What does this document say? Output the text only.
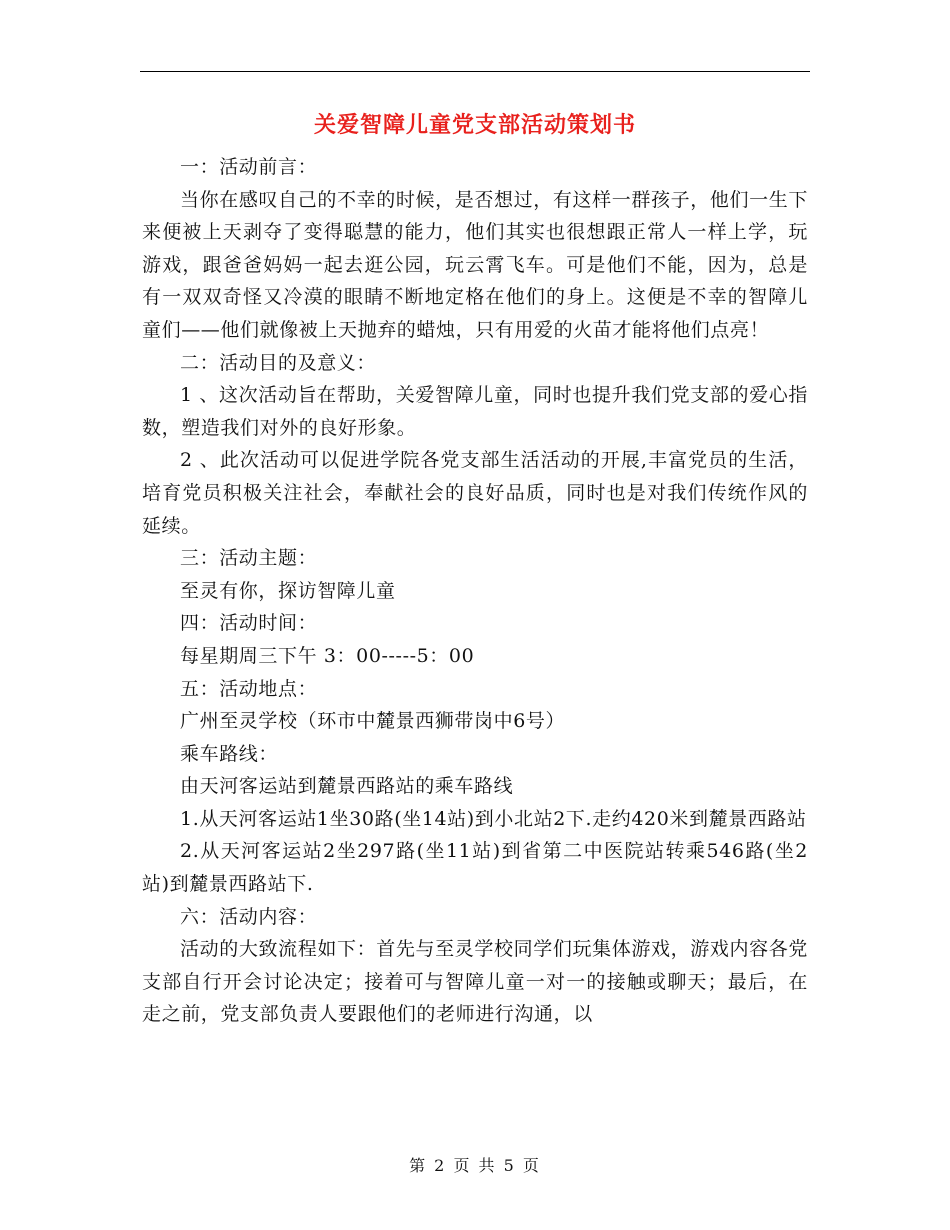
关爱智障儿童党支部活动策划书

一：活动前言：

当你在感叹自己的不幸的时候，是否想过，有这样一群孩子，他们一生下来便被上天剥夺了变得聪慧的能力，他们其实也很想跟正常人一样上学，玩游戏，跟爸爸妈妈一起去逛公园，玩云霄飞车。可是他们不能，因为，总是有一双双奇怪又冷漠的眼睛不断地定格在他们的身上。这便是不幸的智障儿童们——他们就像被上天抛弃的蜡烛，只有用爱的火苗才能将他们点亮！

二：活动目的及意义：

1 、这次活动旨在帮助，关爱智障儿童，同时也提升我们党支部的爱心指数，塑造我们对外的良好形象。

2 、此次活动可以促进学院各党支部生活活动的开展,丰富党员的生活，培育党员积极关注社会，奉献社会的良好品质，同时也是对我们传统作风的延续。

三：活动主题：

至灵有你，探访智障儿童

四：活动时间：

每星期周三下午 3：00-----5：00

五：活动地点：

广州至灵学校（环市中麓景西狮带岗中6号）

乘车路线：

由天河客运站到麓景西路站的乘车路线

1.从天河客运站1坐30路(坐14站)到小北站2下.走约420米到麓景西路站

2.从天河客运站2坐297路(坐11站)到省第二中医院站转乘546路(坐2站)到麓景西路站下.

六：活动内容：

活动的大致流程如下：首先与至灵学校同学们玩集体游戏，游戏内容各党支部自行开会讨论决定；接着可与智障儿童一对一的接触或聊天；最后，在走之前，党支部负责人要跟他们的老师进行沟通，以

第 2 页 共 5 页
